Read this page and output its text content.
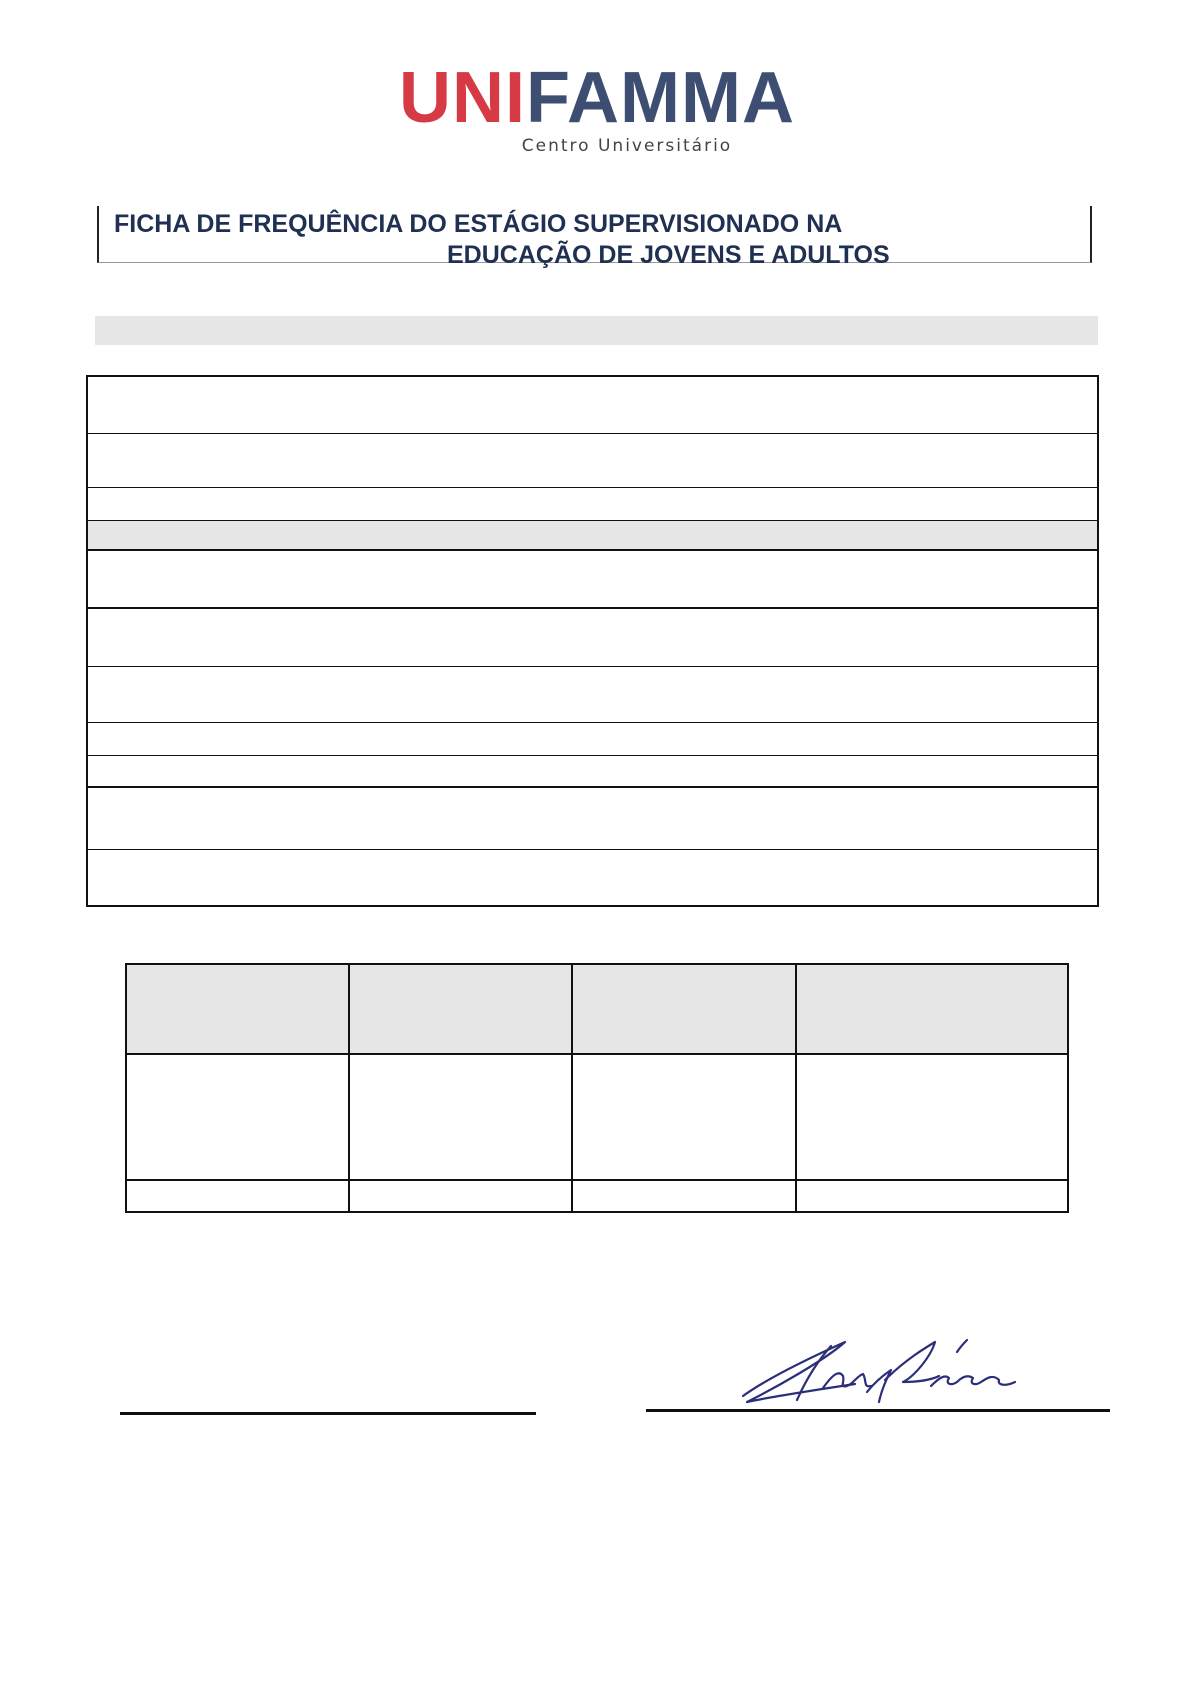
UNIFAMMA
Centro Universitário
FICHA DE FREQUÊNCIA DO ESTÁGIO SUPERVISIONADO NA
EDUCAÇÃO DE JOVENS E ADULTOS
